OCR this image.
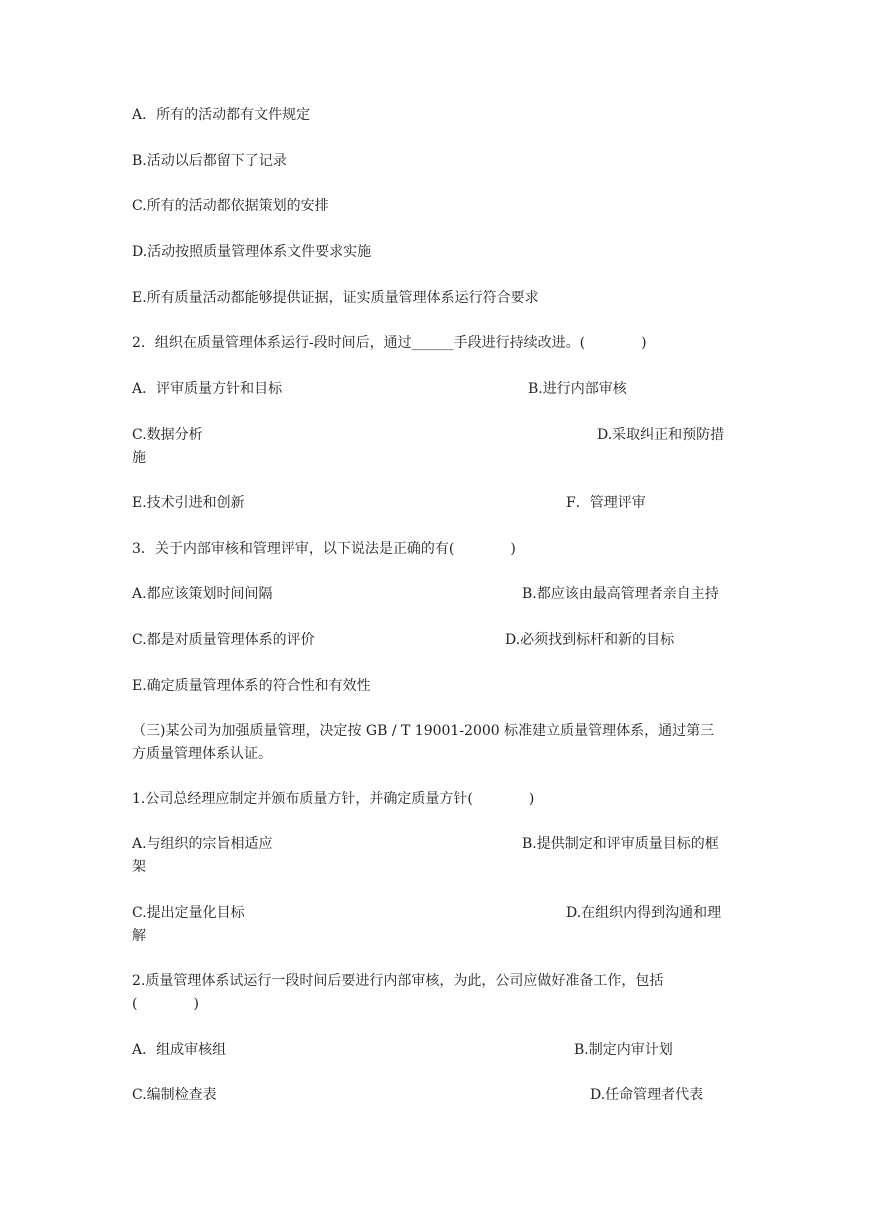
A．所有的活动都有文件规定
B.活动以后都留下了记录
C.所有的活动都依据策划的安排
D.活动按照质量管理体系文件要求实施
E.所有质量活动都能够提供证据，证实质量管理体系运行符合要求
2．组织在质量管理体系运行-段时间后，通过______手段进行持续改进。(　　　　)
A．评审质量方针和目标	B.进行内部审核
C.数据分析	D.采取纠正和预防措
施
E.技术引进和创新	F．管理评审
3．关于内部审核和管理评审，以下说法是正确的有(　　　　)
A.都应该策划时间间隔	B.都应该由最高管理者亲自主持
C.都是对质量管理体系的评价	D.必须找到标杆和新的目标
E.确定质量管理体系的符合性和有效性
（三)某公司为加强质量管理，决定按 GB / T 19001-2000 标准建立质量管理体系，通过第三
方质量管理体系认证。
1.公司总经理应制定并颁布质量方针，并确定质量方针(　　　　)
A.与组织的宗旨相适应	B.提供制定和评审质量目标的框
架
C.提出定量化目标	D.在组织内得到沟通和理
解
2.质量管理体系试运行一段时间后要进行内部审核，为此，公司应做好准备工作，包括
(　　　　)
A．组成审核组	B.制定内审计划
C.编制检查表	D.任命管理者代表
